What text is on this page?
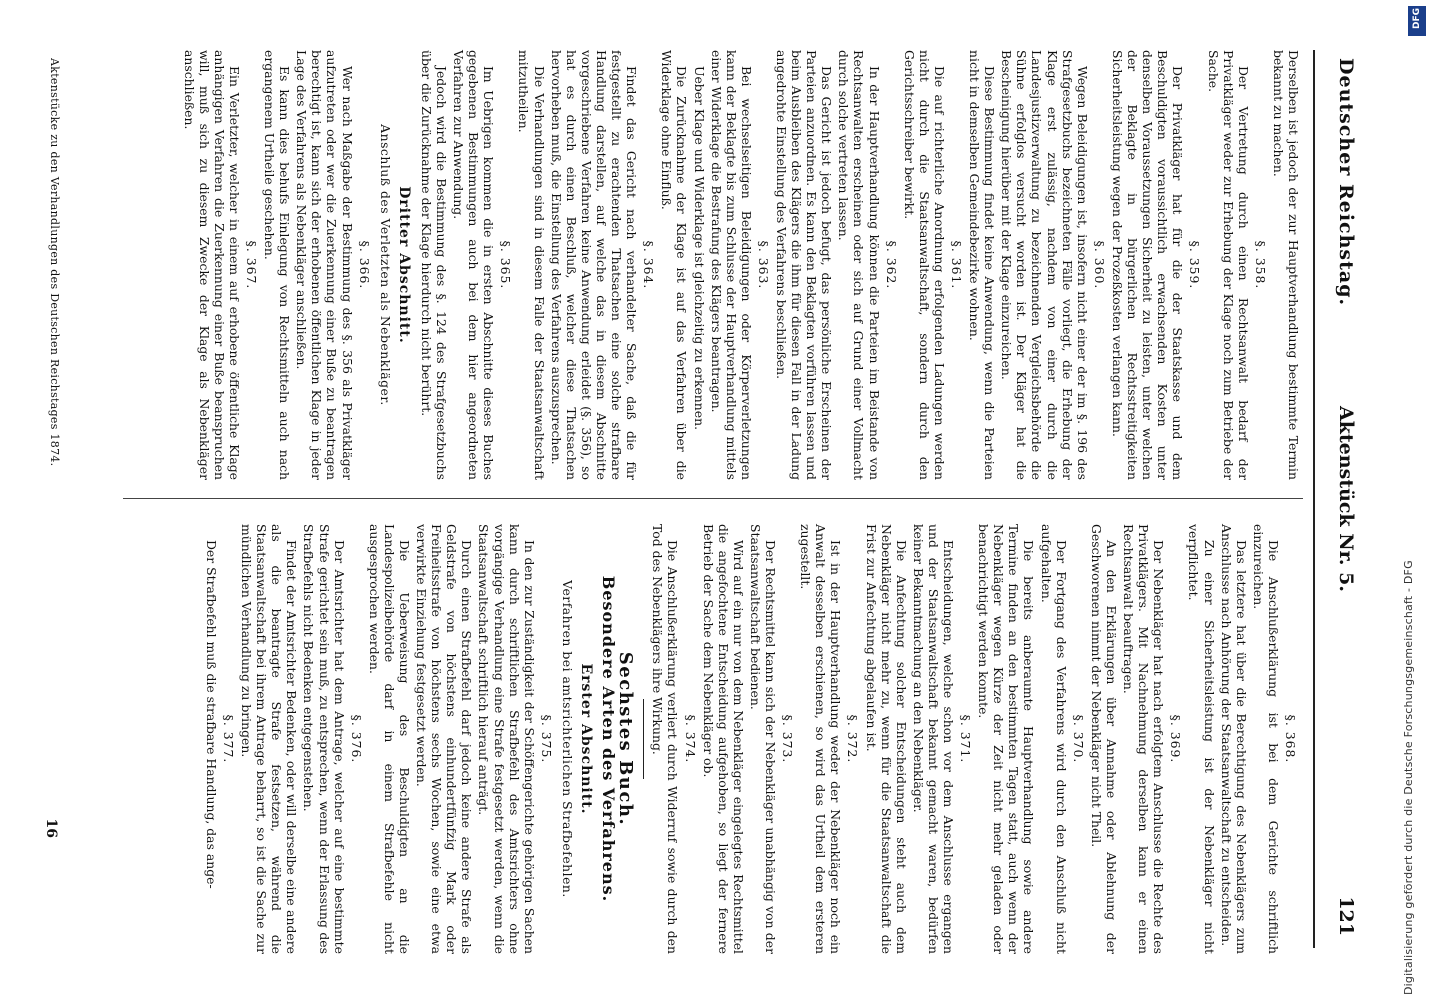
Deutscher Reichstag.
Aktenstück Nr. 5.
121

Derselben ist jedoch der zur Hauptverhandlung bestimmte Termin bekannt zu machen.

§. 358.

Der Vertretung durch einen Rechtsanwalt bedarf der Privatkläger weder zur Erhebung der Klage noch zum Betriebe der Sache.

§. 359.

Der Privatkläger hat für die der Staatskasse und dem Beschuldigten voraussichtlich erwachsenden Kosten unter denselben Voraussetzungen Sicherheit zu leisten, unter welchen der Beklagte in bürgerlichen Rechtsstreitigkeiten Sicherheitsleistung wegen der Prozeßkosten verlangen kann.

§. 360.

Wegen Beleidigungen ist, insofern nicht einer der im §. 196 des Strafgesetzbuchs bezeichneten Fälle vorliegt, die Erhebung der Klage erst zulässig, nachdem von einer durch die Landesjustizverwaltung zu bezeichnenden Vergleichsbehörde die Sühne erfolglos versucht worden ist. Der Kläger hat die Bescheinigung hierüber mit der Klage einzureichen.

Diese Bestimmung findet keine Anwendung, wenn die Parteien nicht in demselben Gemeindebezirke wohnen.

§. 361.

Die auf richterliche Anordnung erfolgenden Ladungen werden nicht durch die Staatsanwaltschaft, sondern durch den Gerichtsschreiber bewirkt.

§. 362.

In der Hauptverhandlung können die Parteien im Beistande von Rechtsanwalten erscheinen oder sich auf Grund einer Vollmacht durch solche vertreten lassen.

Das Gericht ist jedoch befugt, das persönliche Erscheinen der Parteien anzuordnen. Es kann den Beklagten vorführen lassen und beim Ausbleiben des Klägers die ihm für diesen Fall in der Ladung angedrohte Einstellung des Verfahrens beschließen.

§. 363.

Bei wechselseitigen Beleidigungen oder Körperverletzungen kann der Beklagte bis zum Schlusse der Hauptverhandlung mittels einer Widerklage die Bestrafung des Klägers beantragen.

Ueber Klage und Widerklage ist gleichzeitig zu erkennen.

Die Zurücknahme der Klage ist auf das Verfahren über die Widerklage ohne Einfluß.

§. 364.

Findet das Gericht nach verhandelter Sache, daß die für festgestellt zu erachtenden Thatsachen eine solche strafbare Handlung darstellen, auf welche das in diesem Abschnitte vorgeschriebene Verfahren keine Anwendung erleidet (§. 356), so hat es durch einen Beschluß, welcher diese Thatsachen hervorheben muß, die Einstellung des Verfahrens auszusprechen.

Die Verhandlungen sind in diesem Falle der Staatsanwaltschaft mitzutheilen.

§. 365.

Im Uebrigen kommen die in ersten Abschnitte dieses Buches gegebenen Bestimmungen auch bei dem hier angeordneten Verfahren zur Anwendung.

Jedoch wird die Bestimmung des §. 124 des Strafgesetzbuchs über die Zurücknahme der Klage hierdurch nicht berührt.

Dritter Abschnitt.
Anschluß des Verletzten als Nebenkläger.
§. 366.

Wer nach Maßgabe der Bestimmung des §. 356 als Privatkläger aufzutreten oder wer die Zuerkennung einer Buße zu beantragen berechtigt ist, kann sich der erhobenen öffentlichen Klage in jeder Lage des Verfahrens als Nebenkläger anschließen.

Es kann dies behufs Einlegung von Rechtsmitteln auch nach ergangenem Urtheile geschehen.

§. 367.

Ein Verletzter, welcher in einem auf erhobene öffentliche Klage anhängigen Verfahren die Zuerkennung einer Buße beanspruchen will, muß sich zu diesem Zwecke der Klage als Nebenkläger anschließen.

§. 368.

Die Anschlußerklärung ist bei dem Gerichte schriftlich einzureichen.

Das letztere hat über die Berechtigung des Nebenklägers zum Anschlusse nach Anhörung der Staatsanwaltschaft zu entscheiden.

Zu einer Sicherheitsleistung ist der Nebenkläger nicht verpflichtet.

§. 369.

Der Nebenkläger hat nach erfolgtem Anschlusse die Rechte des Privatklägers. Mit Nachnehmung derselben kann er einen Rechtsanwalt beauftragen.

An den Erklärungen über Annahme oder Ablehnung der Geschworenen nimmt der Nebenkläger nicht Theil.

§. 370.

Der Fortgang des Verfahrens wird durch den Anschluß nicht aufgehalten.

Die bereits anberaumte Hauptverhandlung sowie andere Termine finden an den bestimmten Tagen statt, auch wenn der Nebenkläger wegen Kürze der Zeit nicht mehr geladen oder benachrichtigt werden konnte.

§. 371.

Entscheidungen, welche schon vor dem Anschlusse ergangen und der Staatsanwaltschaft bekannt gemacht waren, bedürfen keiner Bekanntmachung an den Nebenkläger.

Die Anfechtung solcher Entscheidungen steht auch dem Nebenkläger nicht mehr zu, wenn für die Staatsanwaltschaft die Frist zur Anfechtung abgelaufen ist.

§. 372.

Ist in der Hauptverhandlung weder der Nebenkläger noch ein Anwalt desselben erschienen, so wird das Urtheil dem ersteren zugestellt.

§. 373.

Der Rechtsmittel kann sich der Nebenkläger unabhängig von der Staatsanwaltschaft bedienen.

Wird auf ein nur von dem Nebenkläger eingelegtes Rechtsmittel die angefochtene Entscheidung aufgehoben, so liegt der fernere Betrieb der Sache dem Nebenkläger ob.

§. 374.

Die Anschlußerklärung verliert durch Widerruf sowie durch den Tod des Nebenklägers ihre Wirkung.

Sechstes Buch.
Besondere Arten des Verfahrens.
Erster Abschnitt.
Verfahren bei amtsrichterlichen Strafbefehlen.
§. 375.

In den zur Zuständigkeit der Schöffengerichte gehörigen Sachen kann durch schriftlichen Strafbefehl des Amtsrichters ohne vorgängige Verhandlung eine Strafe festgesetzt werden, wenn die Staatsanwaltschaft schriftlich hierauf anträgt.

Durch einen Strafbefehl darf jedoch keine andere Strafe als Geldstrafe von höchstens einhundertfünfzig Mark oder Freiheitsstrafe von höchstens sechs Wochen, sowie eine etwa verwirkte Einziehung festgesetzt werden.

Die Ueberweisung des Beschuldigten an die Landespolizeibehörde darf in einem Strafbefehle nicht ausgesprochen werden.

§. 376.

Der Amtsrichter hat dem Antrage, welcher auf eine bestimmte Strafe gerichtet sein muß, zu entsprechen, wenn der Erlassung des Strafbefehls nicht Bedenken entgegenstehen.

Findet der Amtsrichter Bedenken, oder will derselbe eine andere als die beantragte Strafe festsetzen, während die Staatsanwaltschaft bei ihrem Antrage beharrt, so ist die Sache zur mündlichen Verhandlung zu bringen.

§. 377.

Der Strafbefehl muß die strafbare Handlung, das ange-

Aktenstücke zu den Verhandlungen des Deutschen Reichstages 1874.
16	Digitalisierung gefördert durch die Deutsche Forschungsgemeinschaft - DFG
DFG
